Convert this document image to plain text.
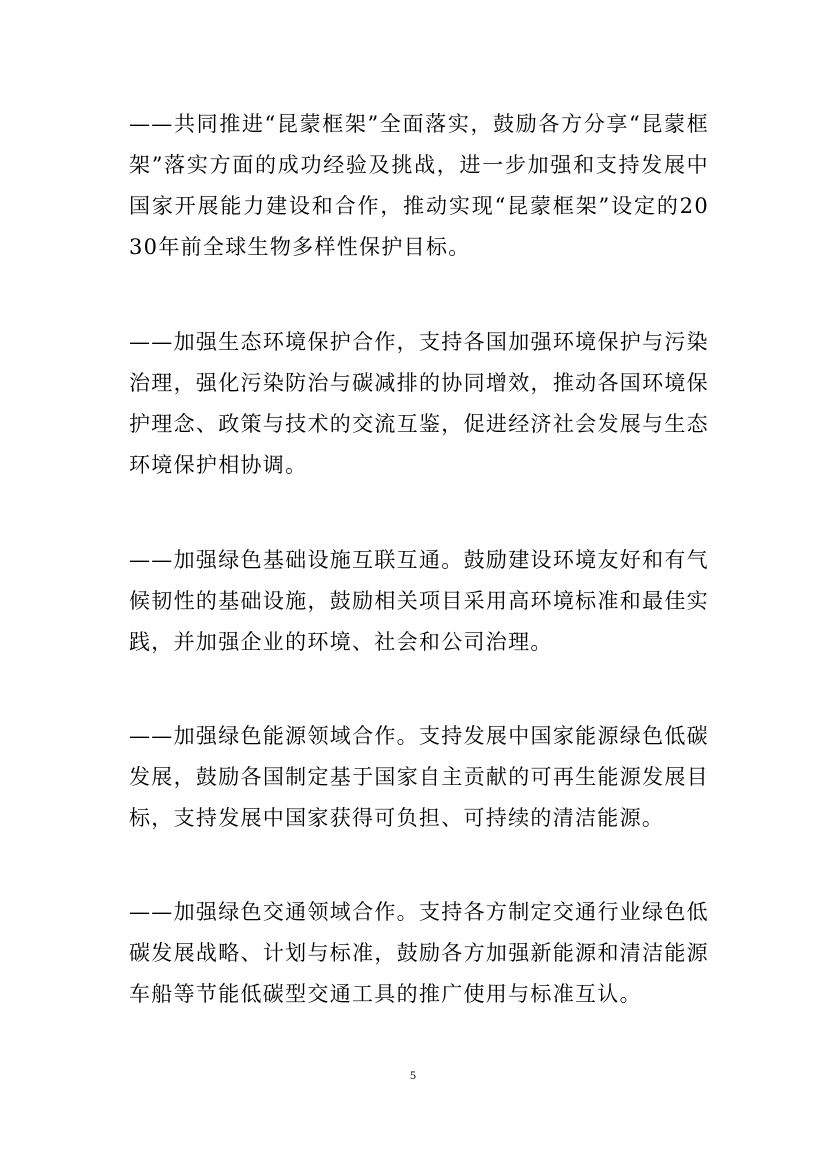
——共同推进“昆蒙框架”全面落实，鼓励各方分享“昆蒙框架”落实方面的成功经验及挑战，进一步加强和支持发展中国家开展能力建设和合作，推动实现“昆蒙框架”设定的2030年前全球生物多样性保护目标。

——加强生态环境保护合作，支持各国加强环境保护与污染治理，强化污染防治与碳减排的协同增效，推动各国环境保护理念、政策与技术的交流互鉴，促进经济社会发展与生态环境保护相协调。

——加强绿色基础设施互联互通。鼓励建设环境友好和有气候韧性的基础设施，鼓励相关项目采用高环境标准和最佳实践，并加强企业的环境、社会和公司治理。

——加强绿色能源领域合作。支持发展中国家能源绿色低碳发展，鼓励各国制定基于国家自主贡献的可再生能源发展目标，支持发展中国家获得可负担、可持续的清洁能源。

——加强绿色交通领域合作。支持各方制定交通行业绿色低碳发展战略、计划与标准，鼓励各方加强新能源和清洁能源车船等节能低碳型交通工具的推广使用与标准互认。

5
